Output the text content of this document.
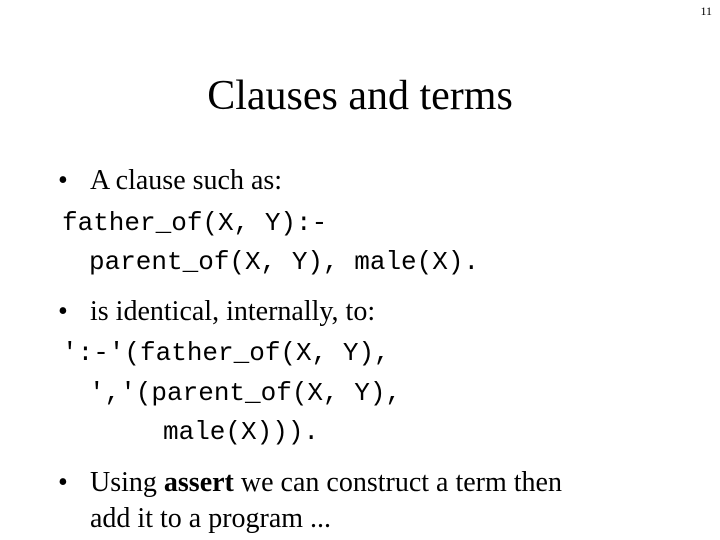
11
Clauses and terms
• A clause such as:
father_of(X, Y):-
parent_of(X, Y), male(X).
• is identical, internally, to:
':-'(father_of(X, Y),
','(parent_of(X, Y),
male(X))).
• Using assert we can construct a term then
add it to a program ...
